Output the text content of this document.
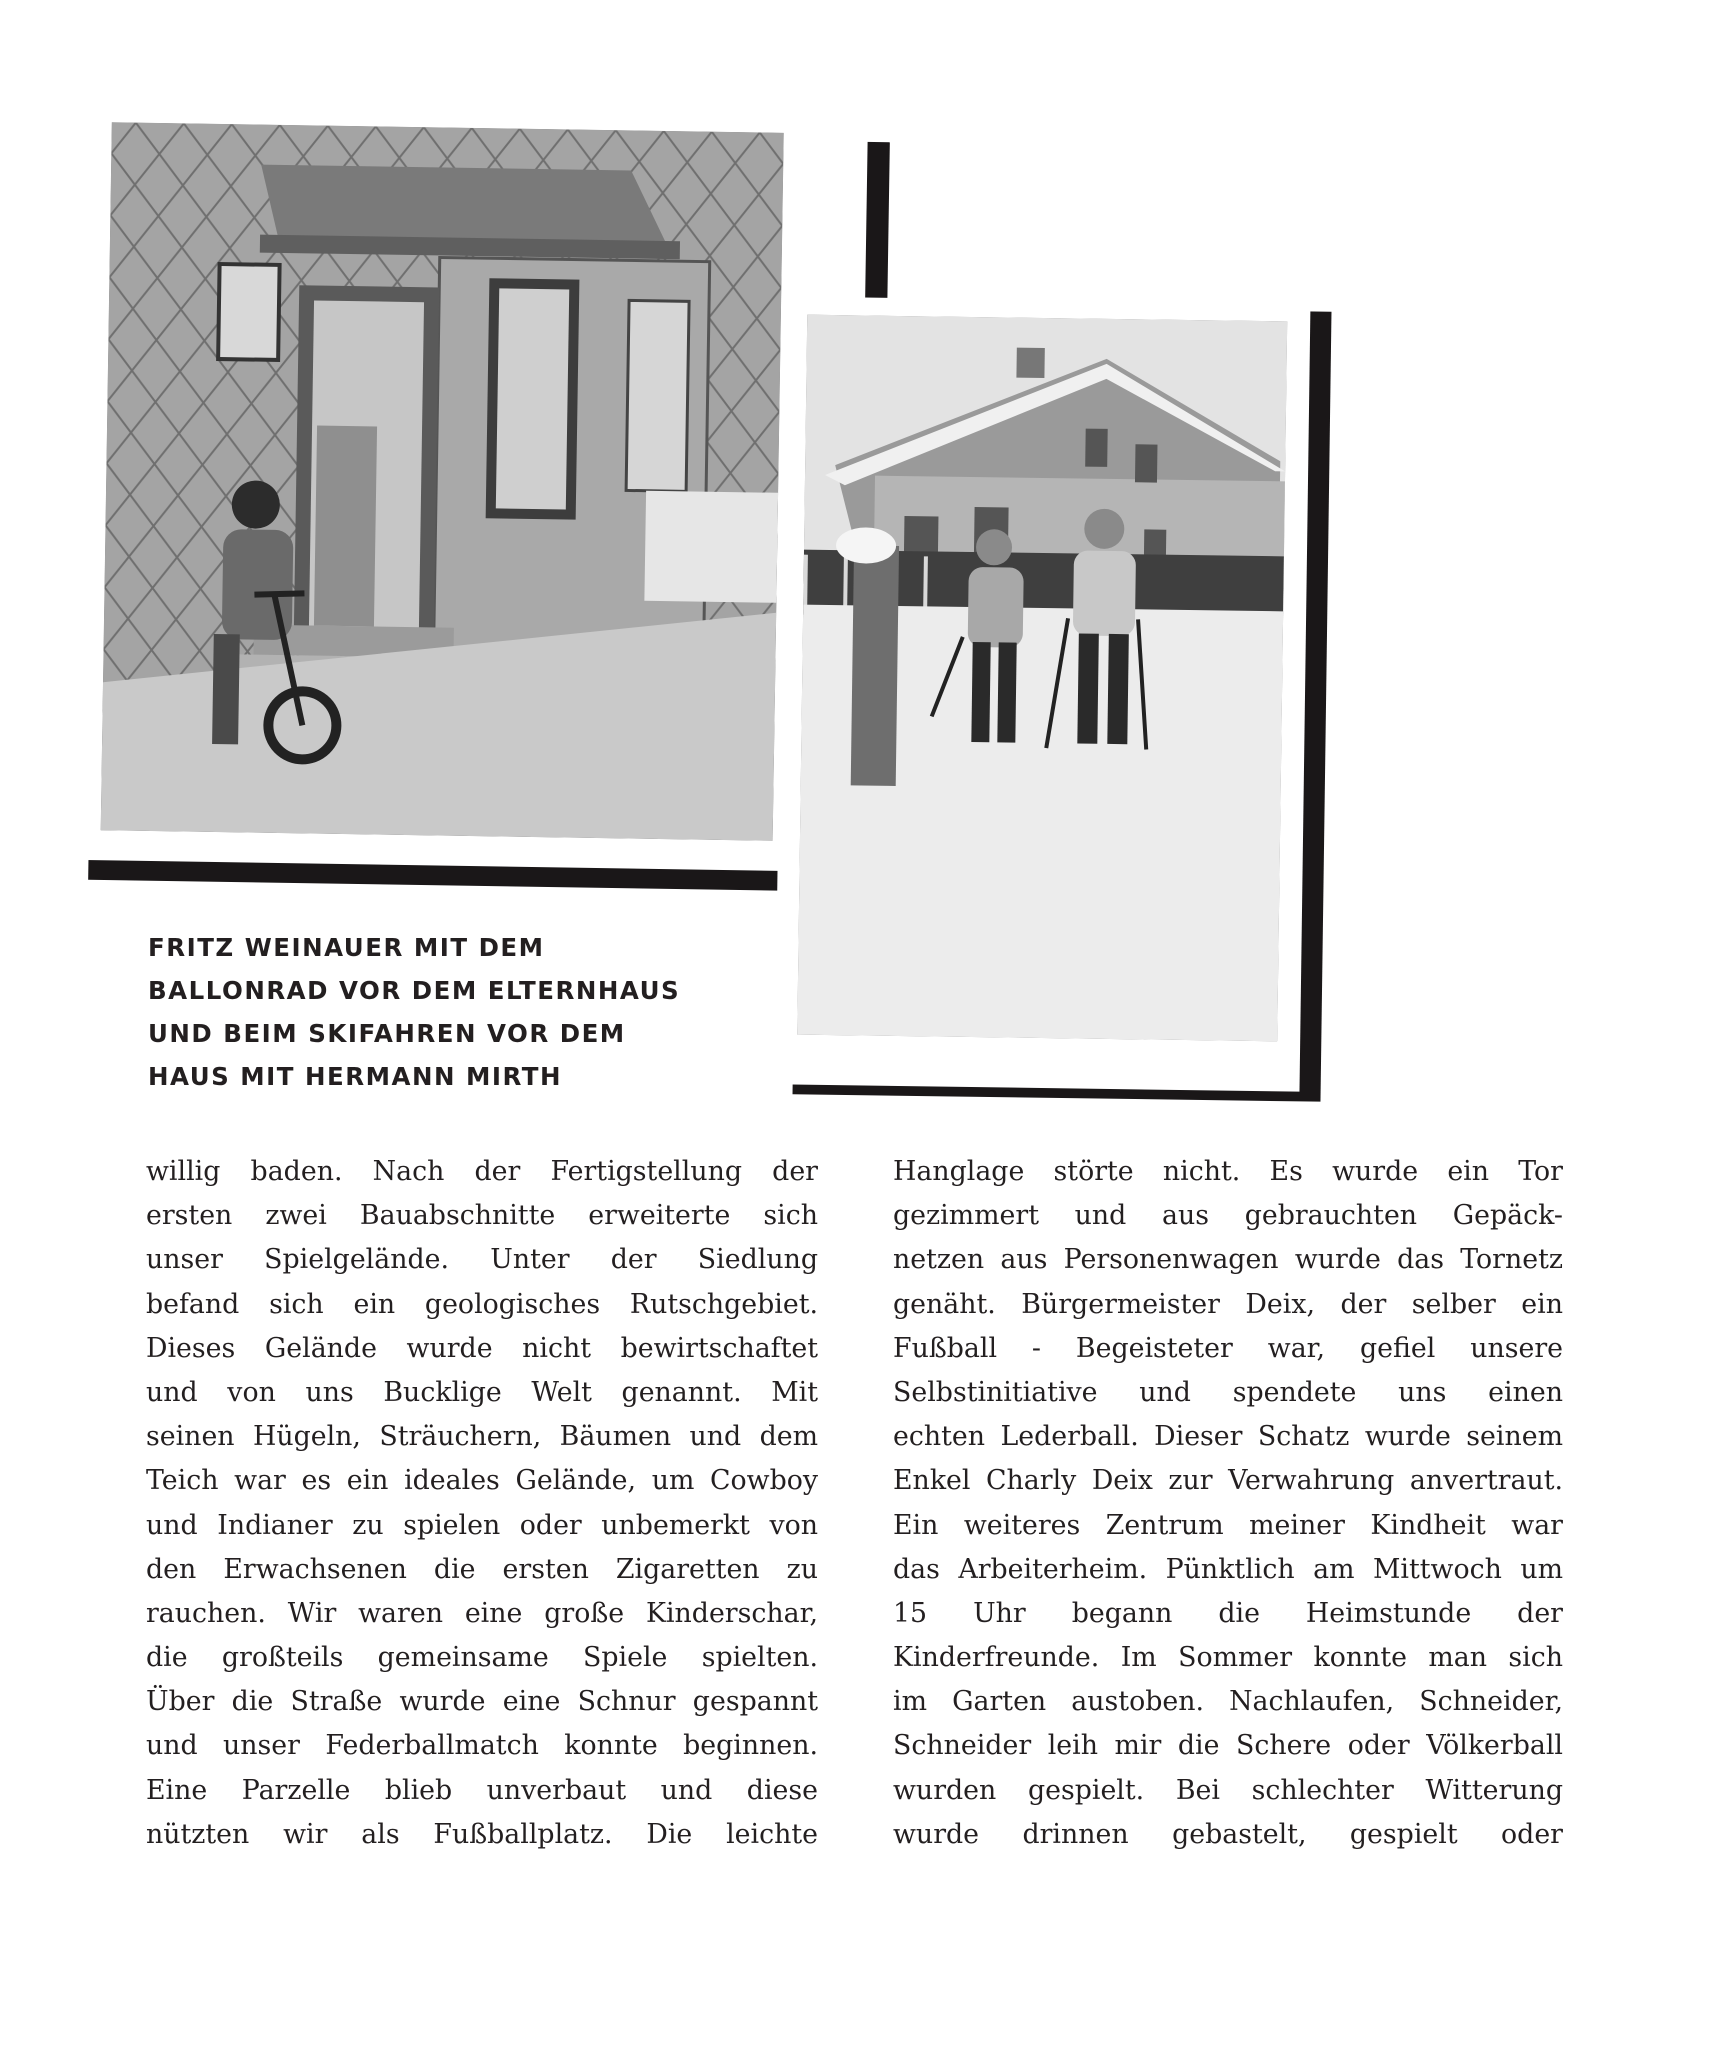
FRITZ WEINAUER MIT DEM
BALLONRAD VOR DEM ELTERNHAUS
UND BEIM SKIFAHREN VOR DEM
HAUS MIT HERMANN MIRTH
willig baden. Nach der Fertigstellung der
ersten zwei Bauabschnitte erweiterte sich
unser Spielgelände. Unter der Siedlung
befand sich ein geologisches Rutschgebiet.
Dieses Gelände wurde nicht bewirtschaftet
und von uns Bucklige Welt genannt. Mit
seinen Hügeln, Sträuchern, Bäumen und dem
Teich war es ein ideales Gelände, um Cowboy
und Indianer zu spielen oder unbemerkt von
den Erwachsenen die ersten Zigaretten zu
rauchen. Wir waren eine große Kinderschar,
die großteils gemeinsame Spiele spielten.
Über die Straße wurde eine Schnur gespannt
und unser Federballmatch konnte beginnen.
Eine Parzelle blieb unverbaut und diese
nützten wir als Fußballplatz. Die leichte
Hanglage störte nicht. Es wurde ein Tor
gezimmert und aus gebrauchten Gepäck-
netzen aus Personenwagen wurde das Tornetz
genäht. Bürgermeister Deix, der selber ein
Fußball - Begeisteter war, gefiel unsere
Selbstinitiative und spendete uns einen
echten Lederball. Dieser Schatz wurde seinem
Enkel Charly Deix zur Verwahrung anvertraut.
Ein weiteres Zentrum meiner Kindheit war
das Arbeiterheim. Pünktlich am Mittwoch um
15 Uhr begann die Heimstunde der
Kinderfreunde. Im Sommer konnte man sich
im Garten austoben. Nachlaufen, Schneider,
Schneider leih mir die Schere oder Völkerball
wurden gespielt. Bei schlechter Witterung
wurde drinnen gebastelt, gespielt oder
